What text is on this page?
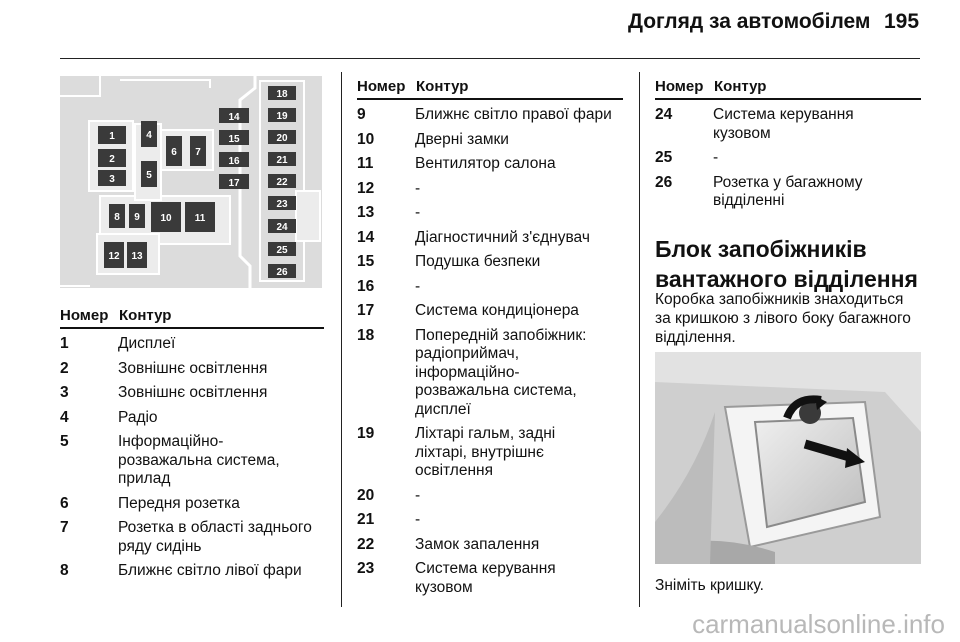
Догляд за автомобілем 195
1
2
3
4
5
6 7
8 9 10 11
12 13
14
15
16
17
18
19
20
21
22
23
24
25
26
Номер Контур
1	Дисплеї
2	Зовнішнє освітлення
3	Зовнішнє освітлення
4	Радіо
5	Інформаційно-
розважальна система,
прилад
6	Передня розетка
7	Розетка в області заднього
ряду сидінь
8	Ближнє світло лівої фари
Номер Контур
9	Ближнє світло правої фари
10	Дверні замки
11	Вентилятор салона
12	-
13	-
14	Діагностичний з'єднувач
15	Подушка безпеки
16	-
17	Система кондиціонера
18	Попередній запобіжник:
радіоприймач,
інформаційно-
розважальна система,
дисплеї
19	Ліхтарі гальм, задні
ліхтарі, внутрішнє
освітлення
20	-
21	-
22	Замок запалення
23	Система керування
кузовом
Номер Контур
24	Система керування
кузовом
25	-
26	Розетка у багажному
відділенні
Блок запобіжників
вантажного відділення
Коробка запобіжників знаходиться
за кришкою з лівого боку багажного
відділення.
Зніміть кришку.
carmanualsonline.info
